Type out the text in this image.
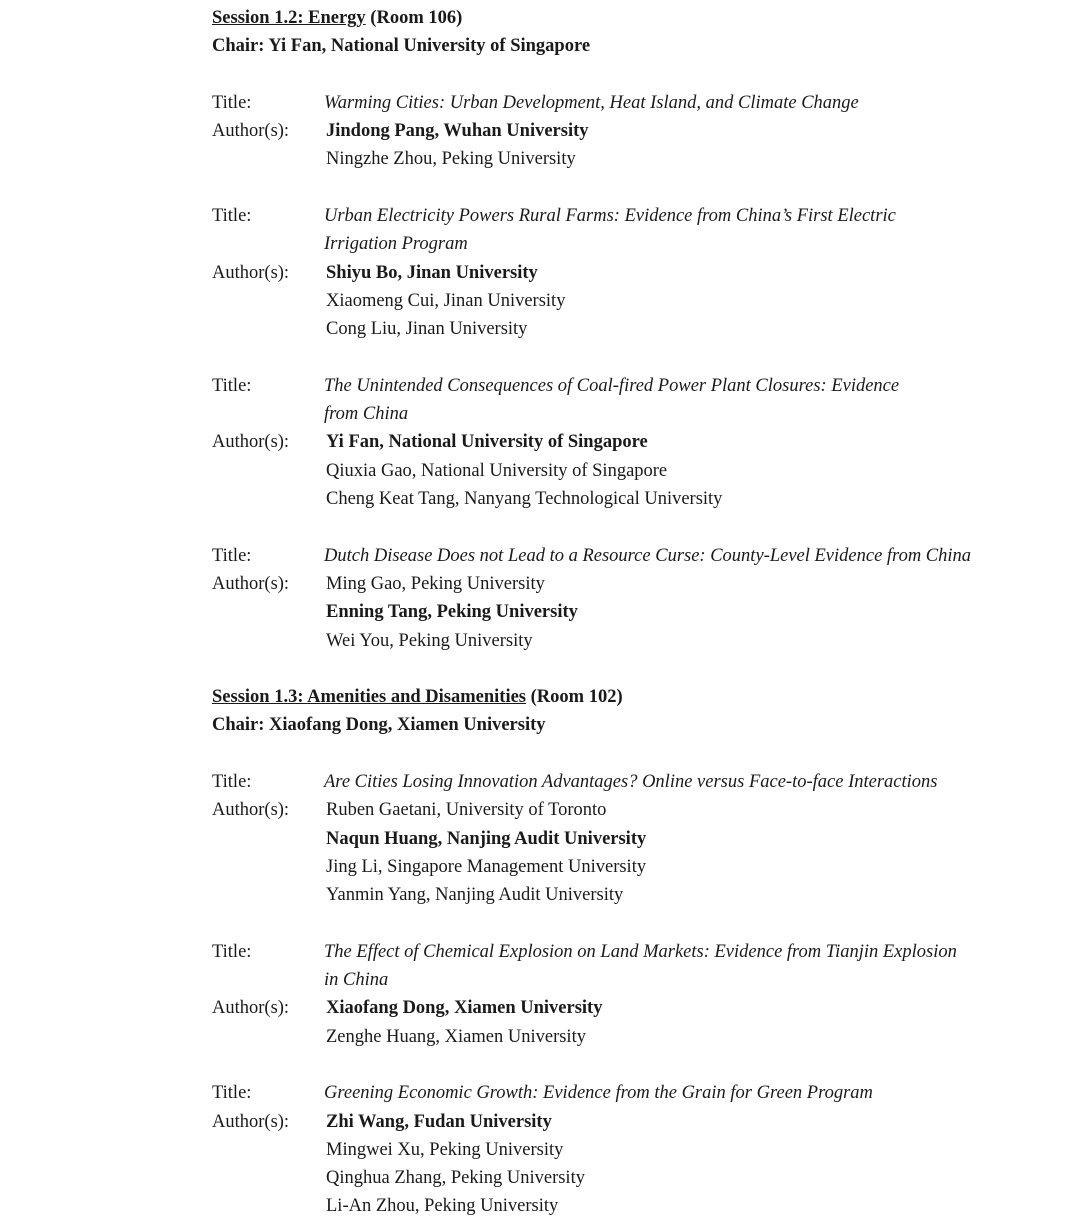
Session 1.2: Energy (Room 106)
Chair: Yi Fan, National University of Singapore
Title:	Warming Cities: Urban Development, Heat Island, and Climate Change
Author(s):	Jindong Pang, Wuhan University
Ningzhe Zhou, Peking University
Title:	Urban Electricity Powers Rural Farms: Evidence from China’s First Electric
Irrigation Program
Author(s):	Shiyu Bo, Jinan University
Xiaomeng Cui, Jinan University
Cong Liu, Jinan University
Title:	The Unintended Consequences of Coal-fired Power Plant Closures: Evidence
from China
Author(s):	Yi Fan, National University of Singapore
Qiuxia Gao, National University of Singapore
Cheng Keat Tang, Nanyang Technological University
Title:	Dutch Disease Does not Lead to a Resource Curse: County-Level Evidence from China
Author(s):	Ming Gao, Peking University
Enning Tang, Peking University
Wei You, Peking University
Session 1.3: Amenities and Disamenities (Room 102)
Chair: Xiaofang Dong, Xiamen University
Title:	Are Cities Losing Innovation Advantages? Online versus Face-to-face Interactions
Author(s):	Ruben Gaetani, University of Toronto
Naqun Huang, Nanjing Audit University
Jing Li, Singapore Management University
Yanmin Yang, Nanjing Audit University
Title:	The Effect of Chemical Explosion on Land Markets: Evidence from Tianjin Explosion
in China
Author(s):	Xiaofang Dong, Xiamen University
Zenghe Huang, Xiamen University
Title:	Greening Economic Growth: Evidence from the Grain for Green Program
Author(s):	Zhi Wang, Fudan University
Mingwei Xu, Peking University
Qinghua Zhang, Peking University
Li-An Zhou, Peking University
